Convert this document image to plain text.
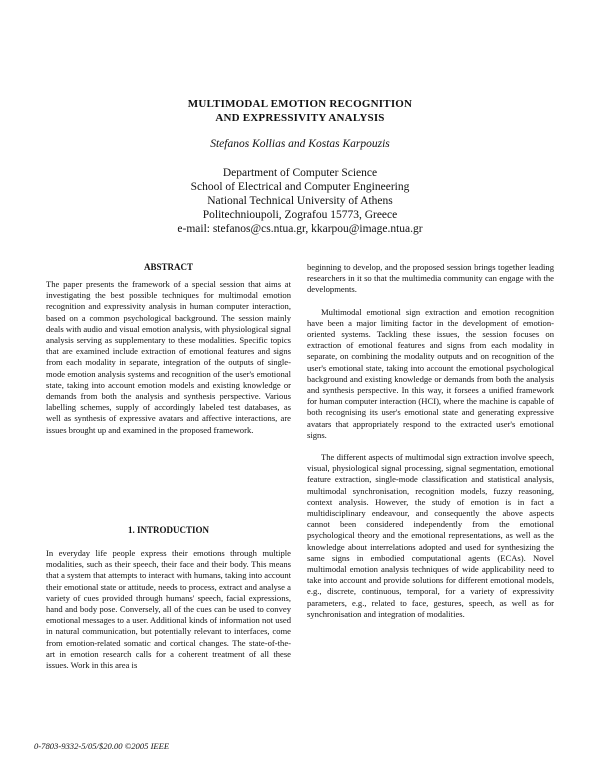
MULTIMODAL EMOTION RECOGNITION
AND EXPRESSIVITY ANALYSIS
Stefanos Kollias and Kostas Karpouzis
Department of Computer Science
School of Electrical and Computer Engineering
National Technical University of Athens
Politechnioupoli, Zografou 15773, Greece
e-mail: stefanos@cs.ntua.gr, kkarpou@image.ntua.gr
ABSTRACT

The paper presents the framework of a special session that aims at investigating the best possible techniques for multimodal emotion recognition and expressivity analysis in human computer interaction, based on a common psychological background. The session mainly deals with audio and visual emotion analysis, with physiological signal analysis serving as supplementary to these modalities. Specific topics that are examined include extraction of emotional features and signs from each modality in separate, integration of the outputs of single-mode emotion analysis systems and recognition of the user's emotional state, taking into account emotion models and existing knowledge or demands from both the analysis and synthesis perspective. Various labelling schemes, supply of accordingly labeled test databases, as well as synthesis of expressive avatars and affective interactions, are issues brought up and examined in the proposed framework.

1. INTRODUCTION

In everyday life people express their emotions through multiple modalities, such as their speech, their face and their body. This means that a system that attempts to interact with humans, taking into account their emotional state or attitude, needs to process, extract and analyse a variety of cues provided through humans' speech, facial expressions, hand and body pose. Conversely, all of the cues can be used to convey emotional messages to a user. Additional kinds of information not used in natural communication, but potentially relevant to interfaces, come from emotion-related somatic and cortical changes. The state-of-the-art in emotion research calls for a coherent treatment of all these issues. Work in this area is

beginning to develop, and the proposed session brings together leading researchers in it so that the multimedia community can engage with the developments.

Multimodal emotional sign extraction and emotion recognition have been a major limiting factor in the development of emotion-oriented systems. Tackling these issues, the session focuses on extraction of emotional features and signs from each modality in separate, on combining the modality outputs and on recognition of the user's emotional state, taking into account the emotional psychological background and existing knowledge or demands from both the analysis and synthesis perspective. In this way, it forsees a unified framework for human computer interaction (HCI), where the machine is capable of both recognising its user's emotional state and generating expressive avatars that appropriately respond to the extracted user's emotional signs.

The different aspects of multimodal sign extraction involve speech, visual, physiological signal processing, signal segmentation, emotional feature extraction, single-mode classification and statistical analysis, multimodal synchronisation, recognition models, fuzzy reasoning, context analysis. However, the study of emotion is in fact a multidisciplinary endeavour, and consequently the above aspects cannot been considered independently from the emotional psychological theory and the emotional representations, as well as the knowledge about interrelations adopted and used for synthesizing the same signs in embodied computational agents (ECAs). Novel multimodal emotion analysis techniques of wide applicability need to take into account and provide solutions for different emotional models, e.g., discrete, continuous, temporal, for a variety of expressivity parameters, e.g., related to face, gestures, speech, as well as for synchronisation and integration of modalities.

0-7803-9332-5/05/$20.00 ©2005 IEEE
